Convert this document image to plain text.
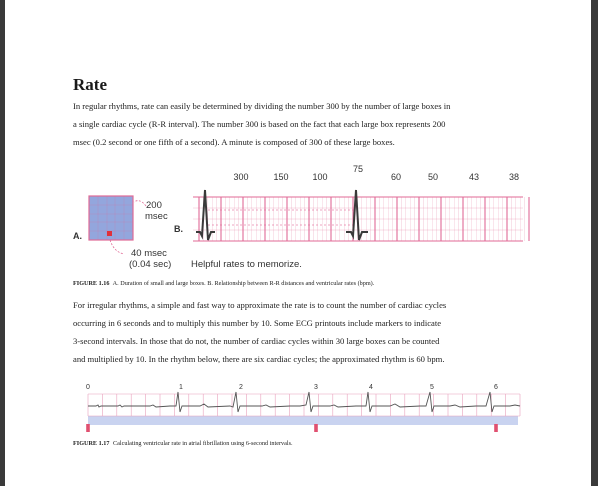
Rate

In regular rhythms, rate can easily be determined by dividing the number 300 by the number of large boxes in
a single cardiac cycle (R-R interval). The number 300 is based on the fact that each large box represents 200
msec (0.2 second or one fifth of a second). A minute is composed of 300 of these large boxes.

300	150	100
75
60	50	43	38
200
msec
A.
B.
40 msec
(0.04 sec) Helpful rates to memorize.

FIGURE 1.16 A. Duration of small and large boxes. B. Relationship between R-R distances and ventricular rates (bpm).

For irregular rhythms, a simple and fast way to approximate the rate is to count the number of cardiac cycles
occurring in 6 seconds and to multiply this number by 10. Some ECG printouts include markers to indicate
3-second intervals. In those that do not, the number of cardiac cycles within 30 large boxes can be counted
and multiplied by 10. In the rhythm below, there are six cardiac cycles; the approximated rhythm is 60 bpm.

0	1	2	3	4	5	6

FIGURE 1.17 Calculating ventricular rate in atrial fibrillation using 6-second intervals.
